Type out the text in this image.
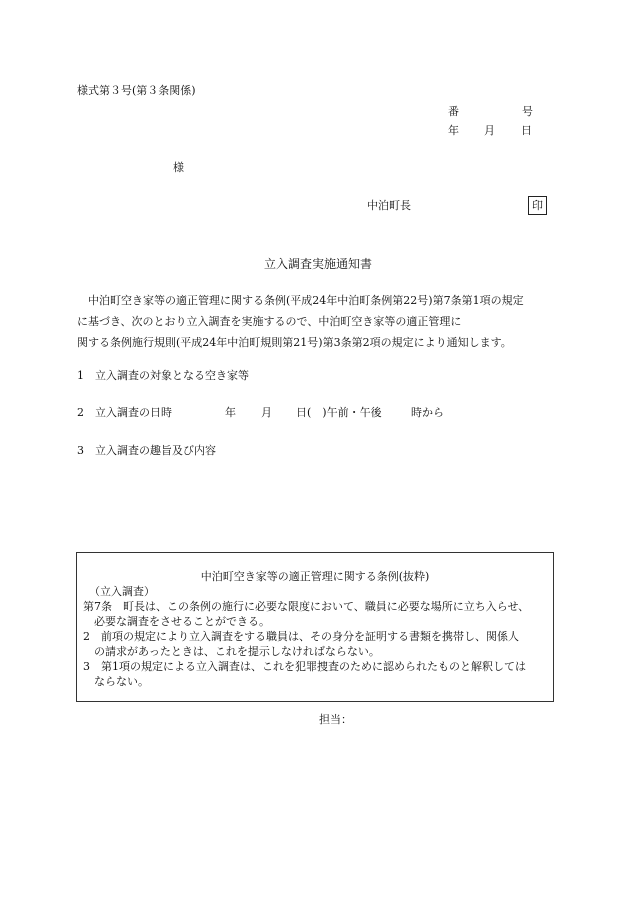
様式第３号(第３条関係)
番	号
年 月 日
様
中泊町長	印
立入調査実施通知書
中泊町空き家等の適正管理に関する条例(平成24年中泊町条例第22号)第7条第1項の規定
に基づき、次のとおり立入調査を実施するので、中泊町空き家等の適正管理に
関する条例施行規則(平成24年中泊町規則第21号)第3条第2項の規定により通知します。
1 立入調査の対象となる空き家等
2 立入調査の日時	年 月 日(　)午前・午後	時から
3 立入調査の趣旨及び内容
中泊町空き家等の適正管理に関する条例(抜粋)
（立入調査）
第7条　町長は、この条例の施行に必要な限度において、職員に必要な場所に立ち入らせ、
　必要な調査をさせることができる。
2　前項の規定により立入調査をする職員は、その身分を証明する書類を携帯し、関係人
　の請求があったときは、これを提示しなければならない。
3　第1項の規定による立入調査は、これを犯罪捜査のために認められたものと解釈しては
　ならない。
担当：
